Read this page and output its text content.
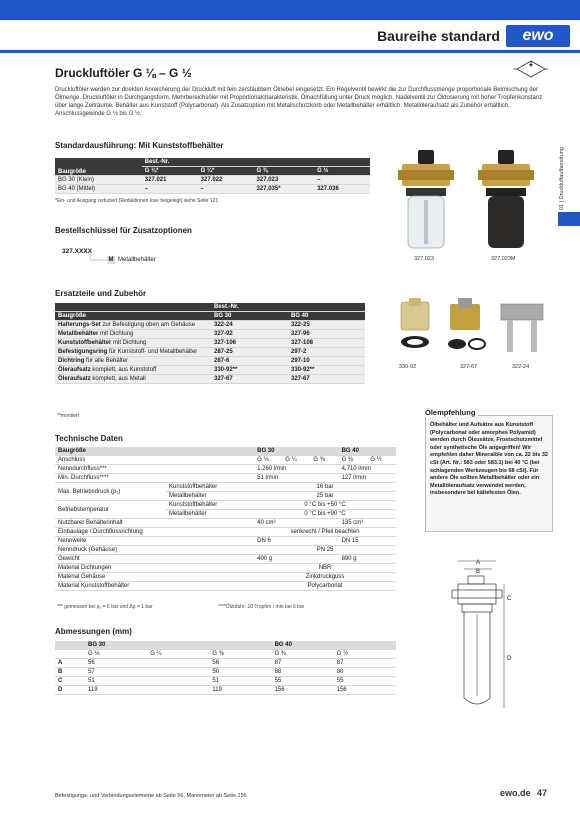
Baureihe standard	ewo
01 | Druckluftaufbereitung
Druckluftöler G ⅛ – G ½

Druckluftöler werden zur direkten Anreicherung der Druckluft mit fein zerstäubtem Ölnebel eingesetzt. Ein Regelventil bewirkt die zur Durchflussmenge proportionale Beimischung der Ölmenge. Druckluftöler in Durchgangsform. Mehrbereichsöler mit Proportionalcharakteristik. Ölnachfüllung unter Druck möglich. Nadelventil zur Öldosierung mit hoher Tropfenkonstanz über lange Zeiträume. Behälter aus Kunststoff (Polycarbonat). Als Zusatzoption mit Metallschutzkorb oder Metallbehälter erhältlich. Metallöleraufsatz als Zubehör erhältlich. Anschlussgewinde G ⅛ bis G ½.

Standardausführung: Mit Kunststoffbehälter
Baugröße	Best.-Nr.			
	G ⅛*	G ¼*	G ⅜	G ½
BG 30 (Klein)	327.021	327.022	327.023	–
BG 40 (Mittel)	–	–	327.035*	327.036
*Ein- und Ausgang reduziert (Reduktionen lose beigelegt) siehe Seite 121
Bestellschlüssel für Zusatzoptionen
327.XXXX
M Metallbehälter	327.023	327.023M
Ersatzteile und Zubehör
	Best.-Nr.	
Baugröße	BG 30	BG 40
Halterungs-Set zur Befestigung oben am Gehäuse	322-24	322-25
Metallbehälter mit Dichtung	327-92	327-96
Kunststoffbehälter mit Dichtung	327-106	327-108
Befestigungsring für Kunststoff- und Metallbehälter	287-25	297-2
Dichtring für alle Behälter	287-6	297-10
Öleraufsatz komplett, aus Kunststoff	330-92**	330-92**
Öleraufsatz komplett, aus Metall	327-67	327-67
**montiert
330-92	327-67	322-24
Ölempfehlung
Ölbehälter und Aufsätze aus Kunststoff (Polycarbonat oder amorphes Polyamid) werden durch Ölzusätze, Frostschutzmittel oder synthetische Öle angegriffen! Wir empfehlen daher Mineralöle von ca. 22 bis 32 cSt (Art. Nr.: 583 oder 583.1) bei 40 °C (bei schlagenden Werkzeugen bis 68 cSt). Für andere Öle sollten Metallbehälter oder ein Metallöleraufsatz verwendet werden, insbesondere bei kältefesten Ölen.
Technische Daten
Baugröße		BG 30			BG 40	
Anschluss		G ⅛	G ¼	G ⅜	G ⅜	G ½
Nenndurchfluss***		1.260 l/min			4.710 l/min	
Min. Durchfluss****		51 l/min			127 l/min	
Max. Betriebsdruck (p₁)	Kunststoffbehälter	16 bar				
	Metallbehälter	25 bar				
Betriebstemperatur	Kunststoffbehälter	0 °C bis +50 °C				
	Metallbehälter	0 °C bis +90 °C				
Nutzbarer Behälterinhalt		40 cm³			135 cm³	
Einbaulage / Durchflussrichtung		senkrecht / Pfeil beachten				
Nennweite		DN 6			DN 15	
Nenndruck (Gehäuse)		PN 25				
Gewicht		400 g			890 g	
Material Dichtungen		NBR				
Material Gehäuse		Zinkdruckguss				
Material Kunststoffbehälter		Polycarbonat				
*** gemessen bei p₁ = 6 bar und Δp = 1 bar	****Ölzufuhr: 10 Tropfen / min bei 6 bar
A
B
C
D
Abmessungen (mm)
	BG 30			BG 40	
	G ⅛	G ¼	G ⅜	G ⅜	G ½
A	56		56	87	87
B	57		50	88	80
C	51		51	55	55
D	119		119	156	156
Befestigungs- und Verbindungselemente ab Seite 56, Manometer ab Seite 156	ewo.de 47
